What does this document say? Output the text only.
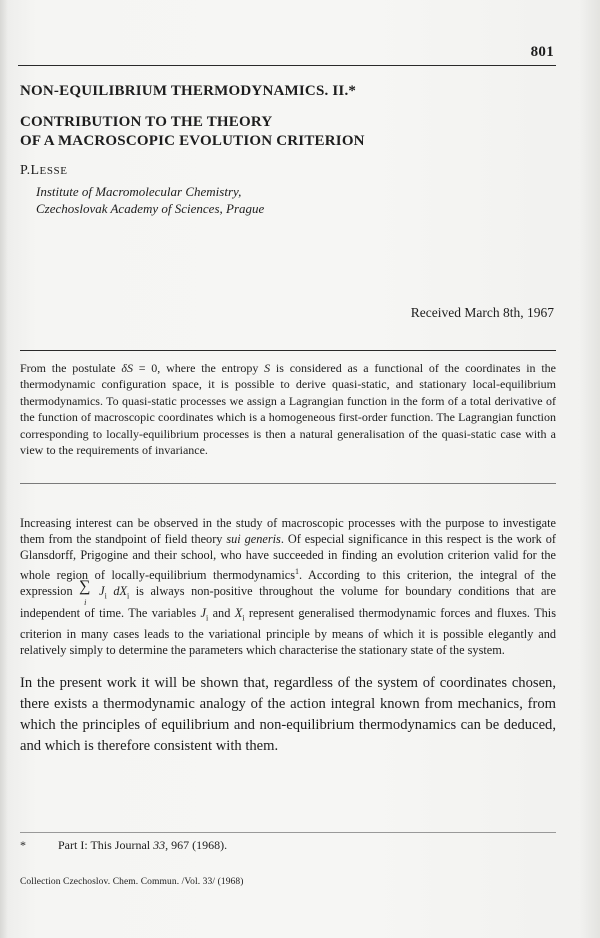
801

NON-EQUILIBRIUM THERMODYNAMICS. II.*

CONTRIBUTION TO THE THEORY

OF A MACROSCOPIC EVOLUTION CRITERION

P.LESSE
Institute of Macromolecular Chemistry,
Czechoslovak Academy of Sciences, Prague
Received March 8th, 1967
From the postulate δS = 0, where the entropy S is considered as a functional of the coordinates in the thermodynamic configuration space, it is possible to derive quasi-static, and stationary local-equilibrium thermodynamics. To quasi-static processes we assign a Lagrangian function in the form of a total derivative of the function of macroscopic coordinates which is a homogeneous first-order function. The Lagrangian function corresponding to locally-equilibrium processes is then a natural generalisation of the quasi-static case with a view to the requirements of invariance.
Increasing interest can be observed in the study of macroscopic processes with the purpose to investigate them from the standpoint of field theory sui generis. Of especial significance in this respect is the work of Glansdorff, Prigogine and their school, who have succeeded in finding an evolution criterion valid for the whole region of locally-equilibrium thermodynamics$^1$. According to this criterion, the integral of the expression ∑
i
$J_i$ $dX_i$ is always non-positive throughout the volume for boundary conditions that are independent of time. The variables $J_i$ and $X_i$ represent generalised thermodynamic forces and fluxes. This criterion in many cases leads to the variational principle by means of which it is possible elegantly and relatively simply to determine the parameters which characterise the stationary state of the system.
In the present work it will be shown that, regardless of the system of coordinates chosen, there exists a thermodynamic analogy of the action integral known from mechanics, from which the principles of equilibrium and non-equilibrium thermodynamics can be deduced, and which is therefore consistent with them.
*	Part I: This Journal 33, 967 (1968).
Collection Czechoslov. Chem. Commun. /Vol. 33/ (1968)
